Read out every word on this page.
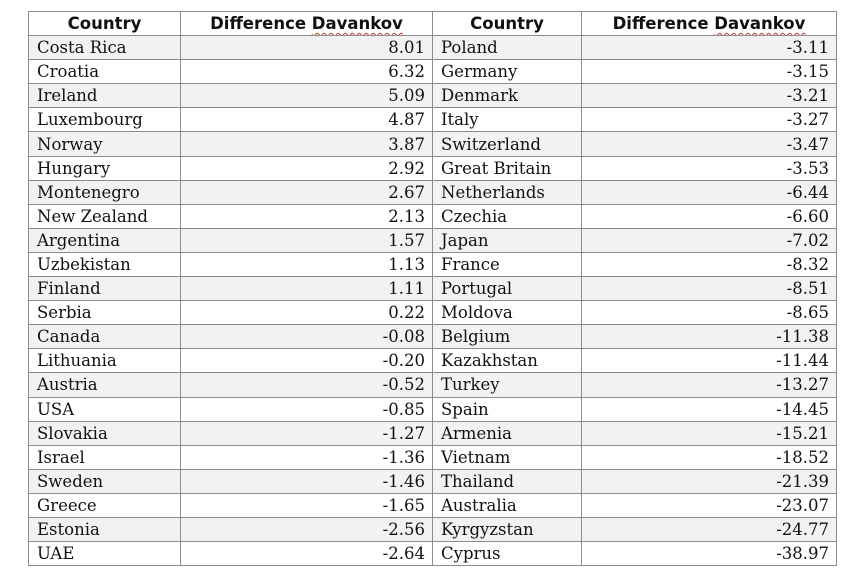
Country	Difference Davankov	Country	Difference Davankov
Costa Rica	8.01	Poland	-3.11
Croatia	6.32	Germany	-3.15
Ireland	5.09	Denmark	-3.21
Luxembourg	4.87	Italy	-3.27
Norway	3.87	Switzerland	-3.47
Hungary	2.92	Great Britain	-3.53
Montenegro	2.67	Netherlands	-6.44
New Zealand	2.13	Czechia	-6.60
Argentina	1.57	Japan	-7.02
Uzbekistan	1.13	France	-8.32
Finland	1.11	Portugal	-8.51
Serbia	0.22	Moldova	-8.65
Canada	-0.08	Belgium	-11.38
Lithuania	-0.20	Kazakhstan	-11.44
Austria	-0.52	Turkey	-13.27
USA	-0.85	Spain	-14.45
Slovakia	-1.27	Armenia	-15.21
Israel	-1.36	Vietnam	-18.52
Sweden	-1.46	Thailand	-21.39
Greece	-1.65	Australia	-23.07
Estonia	-2.56	Kyrgyzstan	-24.77
UAE	-2.64	Cyprus	-38.97
